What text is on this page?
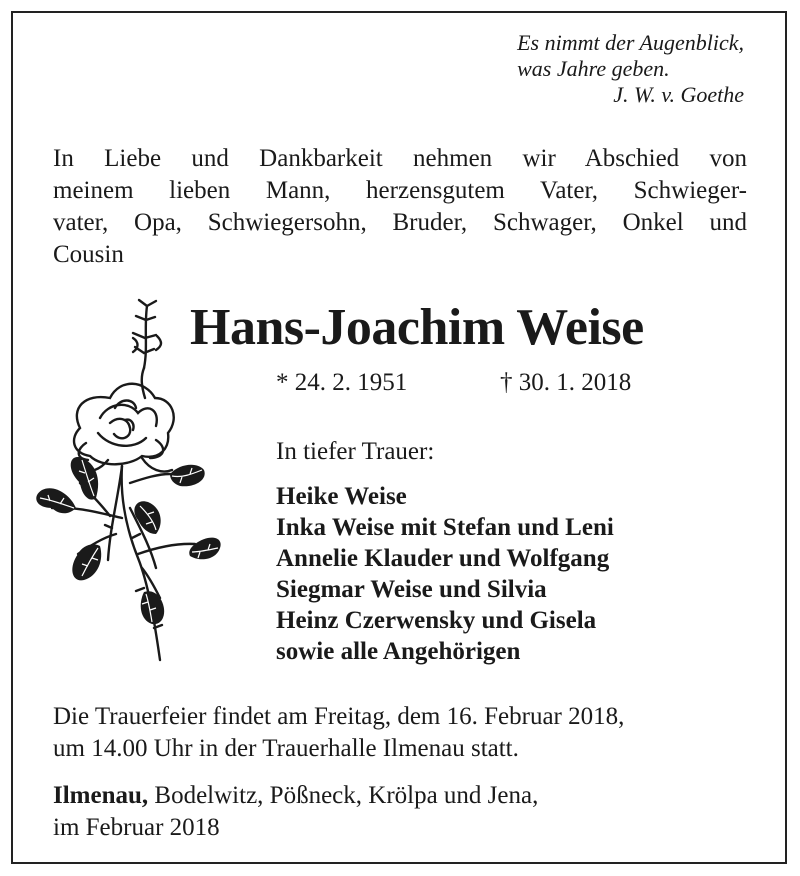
Es nimmt der Augenblick,
was Jahre geben.
J. W. v. Goethe
In Liebe und Dankbarkeit nehmen wir Abschied von
meinem lieben Mann, herzensgutem Vater, Schwieger-
vater, Opa, Schwiegersohn, Bruder, Schwager, Onkel und
Cousin
Hans-Joachim Weise
* 24. 2. 1951	† 30. 1. 2018
In tiefer Trauer:
Heike Weise
Inka Weise mit Stefan und Leni
Annelie Klauder und Wolfgang
Siegmar Weise und Silvia
Heinz Czerwensky und Gisela
sowie alle Angehörigen
Die Trauerfeier findet am Freitag, dem 16. Februar 2018,
um 14.00 Uhr in der Trauerhalle Ilmenau statt.
Ilmenau, Bodelwitz, Pößneck, Krölpa und Jena,
im Februar 2018
